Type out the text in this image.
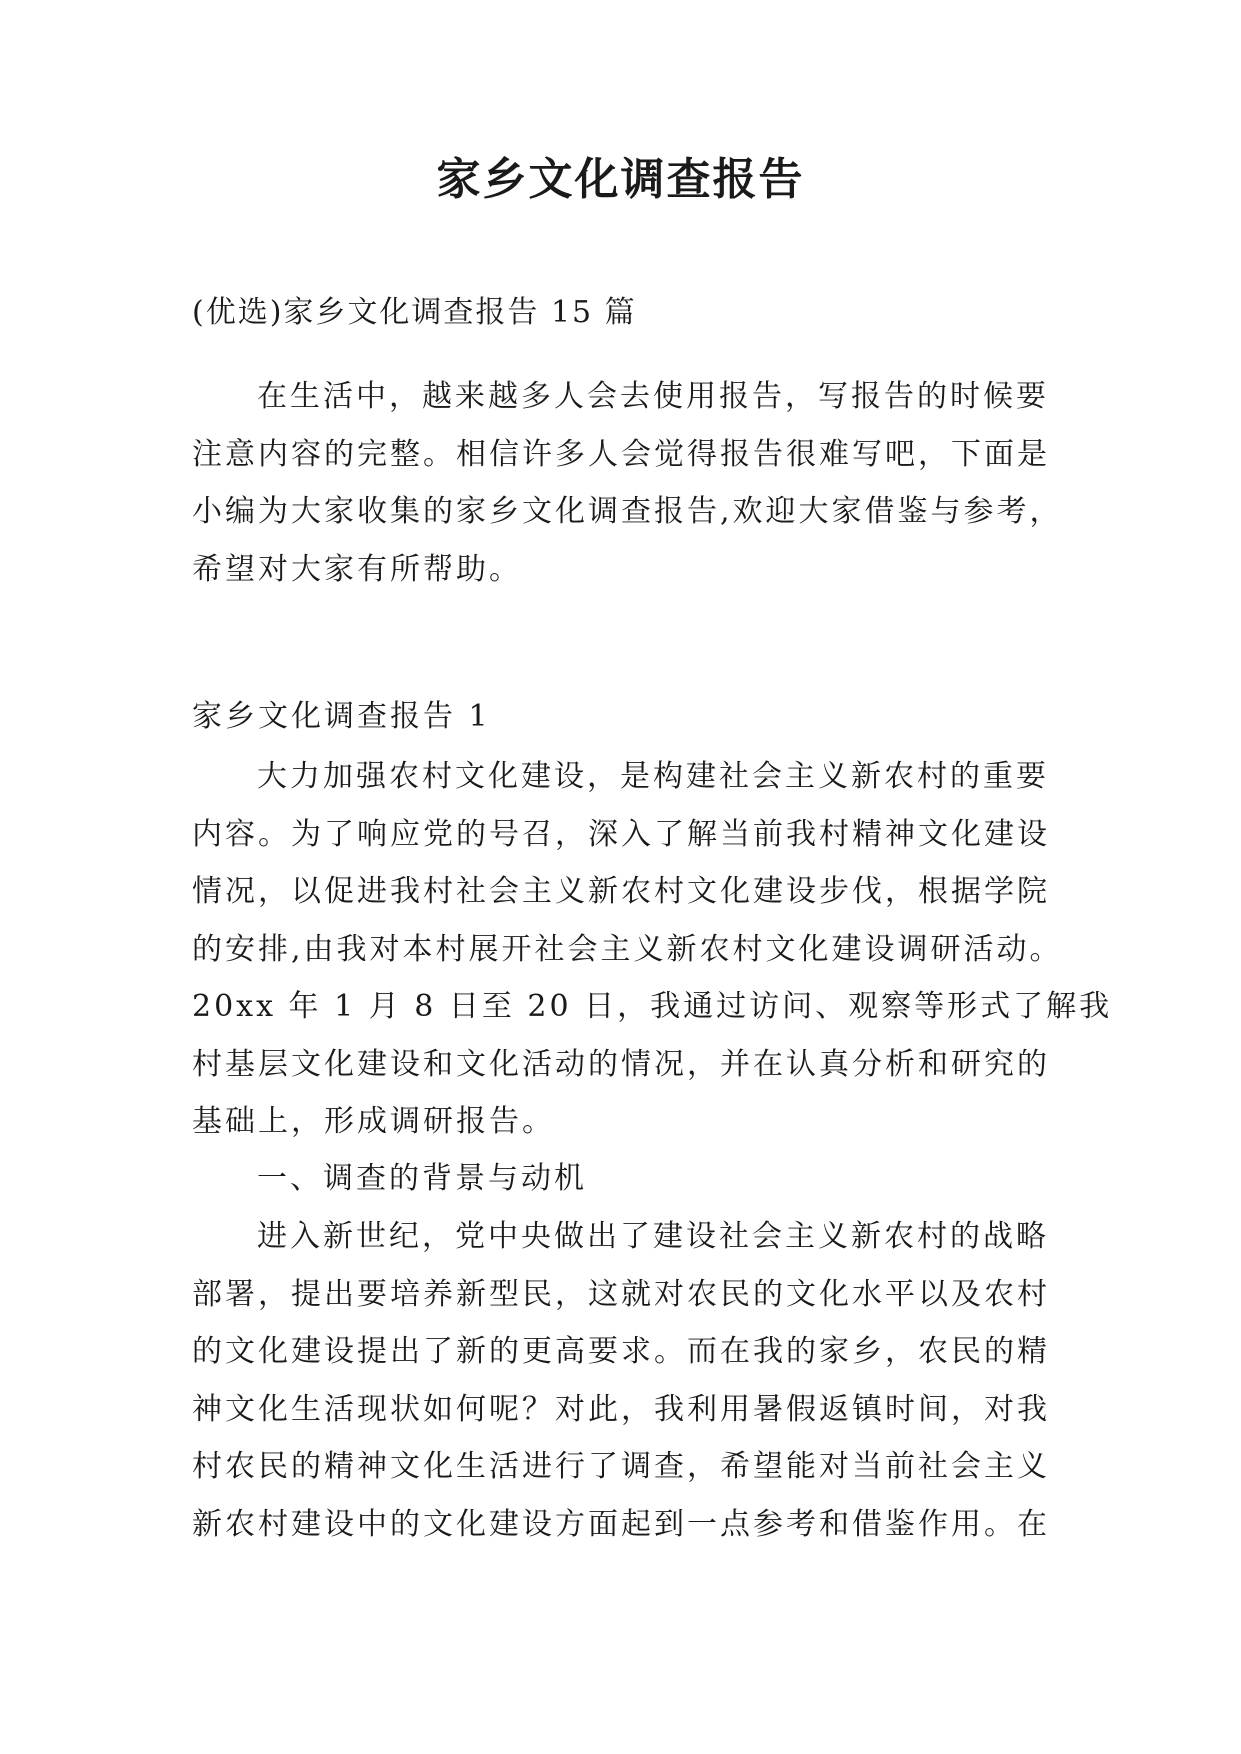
家乡文化调查报告
(优选)家乡文化调查报告 15 篇
在生活中，越来越多人会去使用报告，写报告的时候要
注意内容的完整。相信许多人会觉得报告很难写吧，下面是
小编为大家收集的家乡文化调查报告,欢迎大家借鉴与参考，
希望对大家有所帮助。
家乡文化调查报告 1
大力加强农村文化建设，是构建社会主义新农村的重要
内容。为了响应党的号召，深入了解当前我村精神文化建设
情况，以促进我村社会主义新农村文化建设步伐，根据学院
的安排,由我对本村展开社会主义新农村文化建设调研活动。
20xx 年 1 月 8 日至 20 日，我通过访问、观察等形式了解我
村基层文化建设和文化活动的情况，并在认真分析和研究的
基础上，形成调研报告。
一、调查的背景与动机
进入新世纪，党中央做出了建设社会主义新农村的战略
部署，提出要培养新型民，这就对农民的文化水平以及农村
的文化建设提出了新的更高要求。而在我的家乡，农民的精
神文化生活现状如何呢？对此，我利用暑假返镇时间，对我
村农民的精神文化生活进行了调查，希望能对当前社会主义
新农村建设中的文化建设方面起到一点参考和借鉴作用。在
